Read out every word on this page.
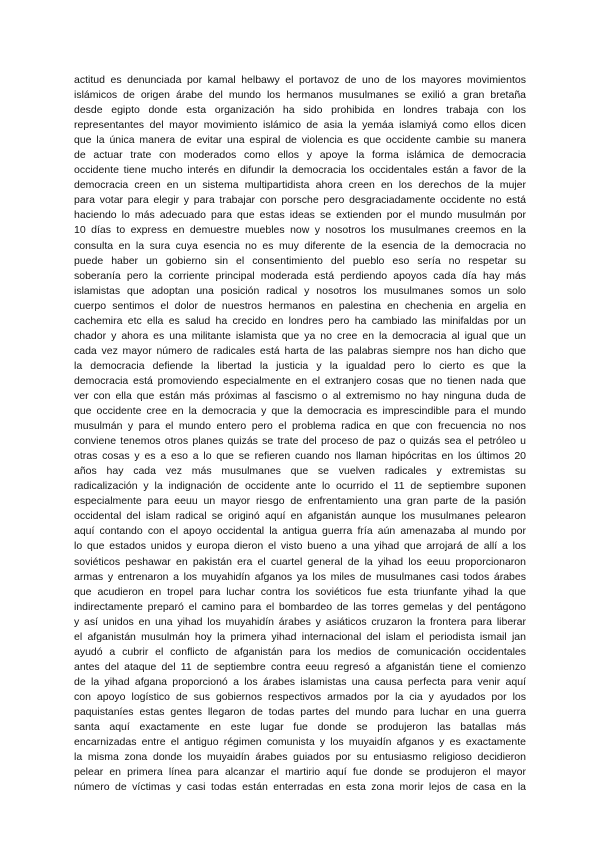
actitud es denunciada por kamal helbawy el portavoz de uno de los mayores movimientos
islámicos de origen árabe del mundo los hermanos musulmanes se exilió a gran bretaña
desde egipto donde esta organización ha sido prohibida en londres trabaja con los
representantes del mayor movimiento islámico de asia la yemáa islamiyá como ellos dicen
que la única manera de evitar una espiral de violencia es que occidente cambie su manera
de actuar trate con moderados como ellos y apoye la forma islámica de democracia
occidente tiene mucho interés en difundir la democracia los occidentales están a favor de la
democracia creen en un sistema multipartidista ahora creen en los derechos de la mujer
para votar para elegir y para trabajar con porsche pero desgraciadamente occidente no está
haciendo lo más adecuado para que estas ideas se extienden por el mundo musulmán por
10 días to express en demuestre muebles now y nosotros los musulmanes creemos en la
consulta en la sura cuya esencia no es muy diferente de la esencia de la democracia no
puede haber un gobierno sin el consentimiento del pueblo eso sería no respetar su
soberanía pero la corriente principal moderada está perdiendo apoyos cada día hay más
islamistas que adoptan una posición radical y nosotros los musulmanes somos un solo
cuerpo sentimos el dolor de nuestros hermanos en palestina en chechenia en argelia en
cachemira etc ella es salud ha crecido en londres pero ha cambiado las minifaldas por un
chador y ahora es una militante islamista que ya no cree en la democracia al igual que un
cada vez mayor número de radicales está harta de las palabras siempre nos han dicho que
la democracia defiende la libertad la justicia y la igualdad pero lo cierto es que la
democracia está promoviendo especialmente en el extranjero cosas que no tienen nada que
ver con ella que están más próximas al fascismo o al extremismo no hay ninguna duda de
que occidente cree en la democracia y que la democracia es imprescindible para el mundo
musulmán y para el mundo entero pero el problema radica en que con frecuencia no nos
conviene tenemos otros planes quizás se trate del proceso de paz o quizás sea el petróleo u
otras cosas y es a eso a lo que se refieren cuando nos llaman hipócritas en los últimos 20
años hay cada vez más musulmanes que se vuelven radicales y extremistas su
radicalización y la indignación de occidente ante lo ocurrido el 11 de septiembre suponen
especialmente para eeuu un mayor riesgo de enfrentamiento una gran parte de la pasión
occidental del islam radical se originó aquí en afganistán aunque los musulmanes pelearon
aquí contando con el apoyo occidental la antigua guerra fría aún amenazaba al mundo por
lo que estados unidos y europa dieron el visto bueno a una yihad que arrojará de allí a los
soviéticos peshawar en pakistán era el cuartel general de la yihad los eeuu proporcionaron
armas y entrenaron a los muyahidín afganos ya los miles de musulmanes casi todos árabes
que acudieron en tropel para luchar contra los soviéticos fue esta triunfante yihad la que
indirectamente preparó el camino para el bombardeo de las torres gemelas y del pentágono
y así unidos en una yihad los muyahidín árabes y asiáticos cruzaron la frontera para liberar
el afganistán musulmán hoy la primera yihad internacional del islam el periodista ismail jan
ayudó a cubrir el conflicto de afganistán para los medios de comunicación occidentales
antes del ataque del 11 de septiembre contra eeuu regresó a afganistán tiene el comienzo
de la yihad afgana proporcionó a los árabes islamistas una causa perfecta para venir aquí
con apoyo logístico de sus gobiernos respectivos armados por la cia y ayudados por los
paquistaníes estas gentes llegaron de todas partes del mundo para luchar en una guerra
santa aquí exactamente en este lugar fue donde se produjeron las batallas más
encarnizadas entre el antiguo régimen comunista y los muyaidín afganos y es exactamente
la misma zona donde los muyaidín árabes guiados por su entusiasmo religioso decidieron
pelear en primera línea para alcanzar el martirio aquí fue donde se produjeron el mayor
número de víctimas y casi todas están enterradas en esta zona morir lejos de casa en la
